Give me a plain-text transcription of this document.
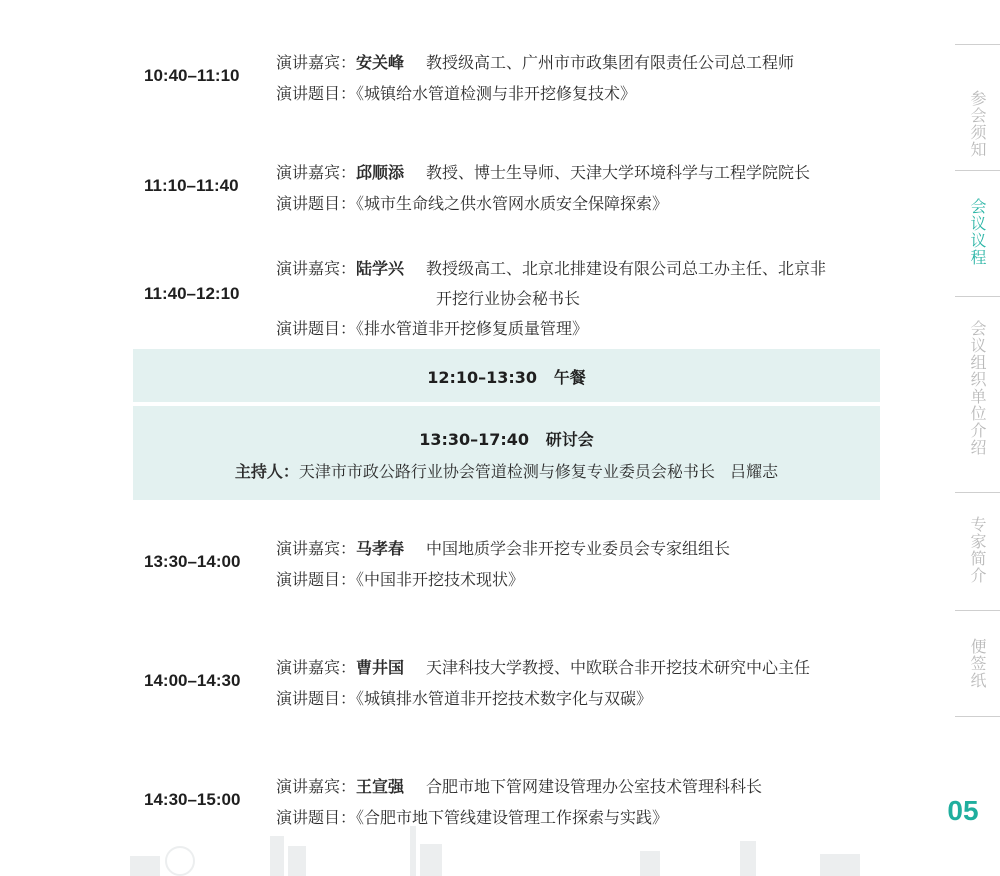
10:40–11:10
演讲嘉宾：安关峰 教授级高工、广州市市政集团有限责任公司总工程师
演讲题目：《城镇给水管道检测与非开挖修复技术》
11:10–11:40
演讲嘉宾：邱顺添 教授、博士生导师、天津大学环境科学与工程学院院长
演讲题目：《城市生命线之供水管网水质安全保障探索》
11:40–12:10
演讲嘉宾：陆学兴 教授级高工、北京北排建设有限公司总工办主任、北京非
开挖行业协会秘书长
演讲题目：《排水管道非开挖修复质量管理》
12:10–13:30 午餐
13:30–17:40 研讨会
主持人：天津市市政公路行业协会管道检测与修复专业委员会秘书长 吕耀志
13:30–14:00
演讲嘉宾：马孝春 中国地质学会非开挖专业委员会专家组组长
演讲题目：《中国非开挖技术现状》
14:00–14:30
演讲嘉宾：曹井国 天津科技大学教授、中欧联合非开挖技术研究中心主任
演讲题目：《城镇排水管道非开挖技术数字化与双碳》
14:30–15:00
演讲嘉宾：王宣强 合肥市地下管网建设管理办公室技术管理科科长
演讲题目：《合肥市地下管线建设管理工作探索与实践》
参会须知
会议议程
会议组织单位介绍
专家简介
便签纸
05
